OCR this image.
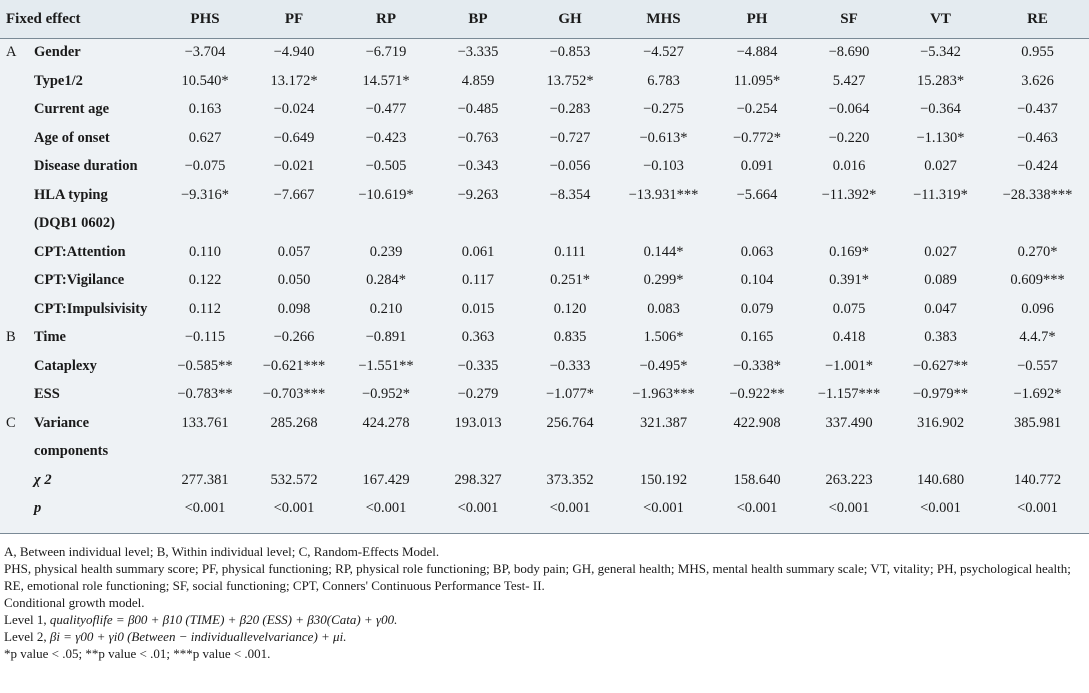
Fixed effect		PHS	PF	RP	BP	GH	MHS	PH	SF	VT	RE
A	Gender	−3.704	−4.940	−6.719	−3.335	−0.853	−4.527	−4.884	−8.690	−5.342	0.955
	Type1/2	10.540*	13.172*	14.571*	4.859	13.752*	6.783	11.095*	5.427	15.283*	3.626
	Current age	0.163	−0.024	−0.477	−0.485	−0.283	−0.275	−0.254	−0.064	−0.364	−0.437
	Age of onset	0.627	−0.649	−0.423	−0.763	−0.727	−0.613*	−0.772*	−0.220	−1.130*	−0.463
	Disease duration	−0.075	−0.021	−0.505	−0.343	−0.056	−0.103	0.091	0.016	0.027	−0.424
	HLA typing	−9.316*	−7.667	−10.619*	−9.263	−8.354	−13.931***	−5.664	−11.392*	−11.319*	−28.338***
	(DQB1 0602)										
	CPT:Attention	0.110	0.057	0.239	0.061	0.111	0.144*	0.063	0.169*	0.027	0.270*
	CPT:Vigilance	0.122	0.050	0.284*	0.117	0.251*	0.299*	0.104	0.391*	0.089	0.609***
	CPT:Impulsivisity	0.112	0.098	0.210	0.015	0.120	0.083	0.079	0.075	0.047	0.096
B	Time	−0.115	−0.266	−0.891	0.363	0.835	1.506*	0.165	0.418	0.383	4.4.7*
	Cataplexy	−0.585**	−0.621***	−1.551**	−0.335	−0.333	−0.495*	−0.338*	−1.001*	−0.627**	−0.557
	ESS	−0.783**	−0.703***	−0.952*	−0.279	−1.077*	−1.963***	−0.922**	−1.157***	−0.979**	−1.692*
C	Variance	133.761	285.268	424.278	193.013	256.764	321.387	422.908	337.490	316.902	385.981
	components										
	χ 2	277.381	532.572	167.429	298.327	373.352	150.192	158.640	263.223	140.680	140.772
	p	<0.001	<0.001	<0.001	<0.001	<0.001	<0.001	<0.001	<0.001	<0.001	<0.001

A, Between individual level; B, Within individual level; C, Random-Effects Model.

PHS, physical health summary score; PF, physical functioning; RP, physical role functioning; BP, body pain; GH, general health; MHS, mental health summary scale; VT, vitality; PH, psychological health; RE, emotional role functioning; SF, social functioning; CPT, Conners' Continuous Performance Test- II.

Conditional growth model.

Level 1, qualityoflife = β00 + β10 (TIME) + β20 (ESS) + β30(Cata) + γ00.

Level 2, βi = γ00 + γi0 (Between − individuallevelvariance) + μi.

*p value < .05; **p value < .01; ***p value < .001.
